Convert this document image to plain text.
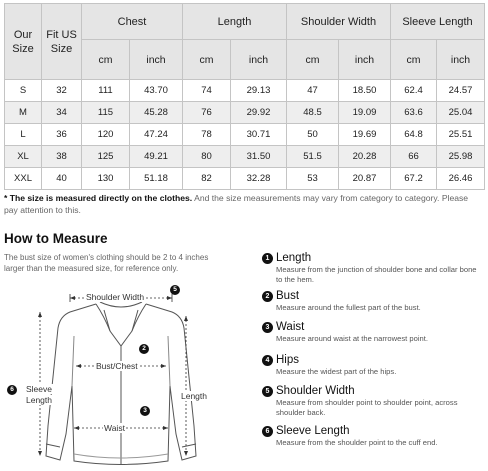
Our Size	Fit US Size	Chest		Length		Shoulder Width		Sleeve Length	
		cm	inch	cm	inch	cm	inch	cm	inch
S	32	111	43.70	74	29.13	47	18.50	62.4	24.57
M	34	115	45.28	76	29.92	48.5	19.09	63.6	25.04
L	36	120	47.24	78	30.71	50	19.69	64.8	25.51
XL	38	125	49.21	80	31.50	51.5	20.28	66	25.98
XXL	40	130	51.18	82	32.28	53	20.87	67.2	26.46
* The size is measured directly on the clothes. And the size measurements may vary from category to category. Please pay attention to this.
How to Measure
The bust size of women's clothing should be 2 to 4 inches larger than the measured size, for reference only.
Shoulder Width
5
2
Bust/Chest
3
Waist
Length
6	Sleeve
Length
1 Length
Measure from the junction of shoulder bone and collar bone to the hem.
2 Bust
Measure around the fullest part of the bust.
3 Waist
Measure around waist at the narrowest point.
4 Hips
Measure the widest part of the hips.
5 Shoulder Width
Measure from shoulder point to shoulder point, across shoulder back.
6 Sleeve Length
Measure from the shoulder point to the cuff end.
